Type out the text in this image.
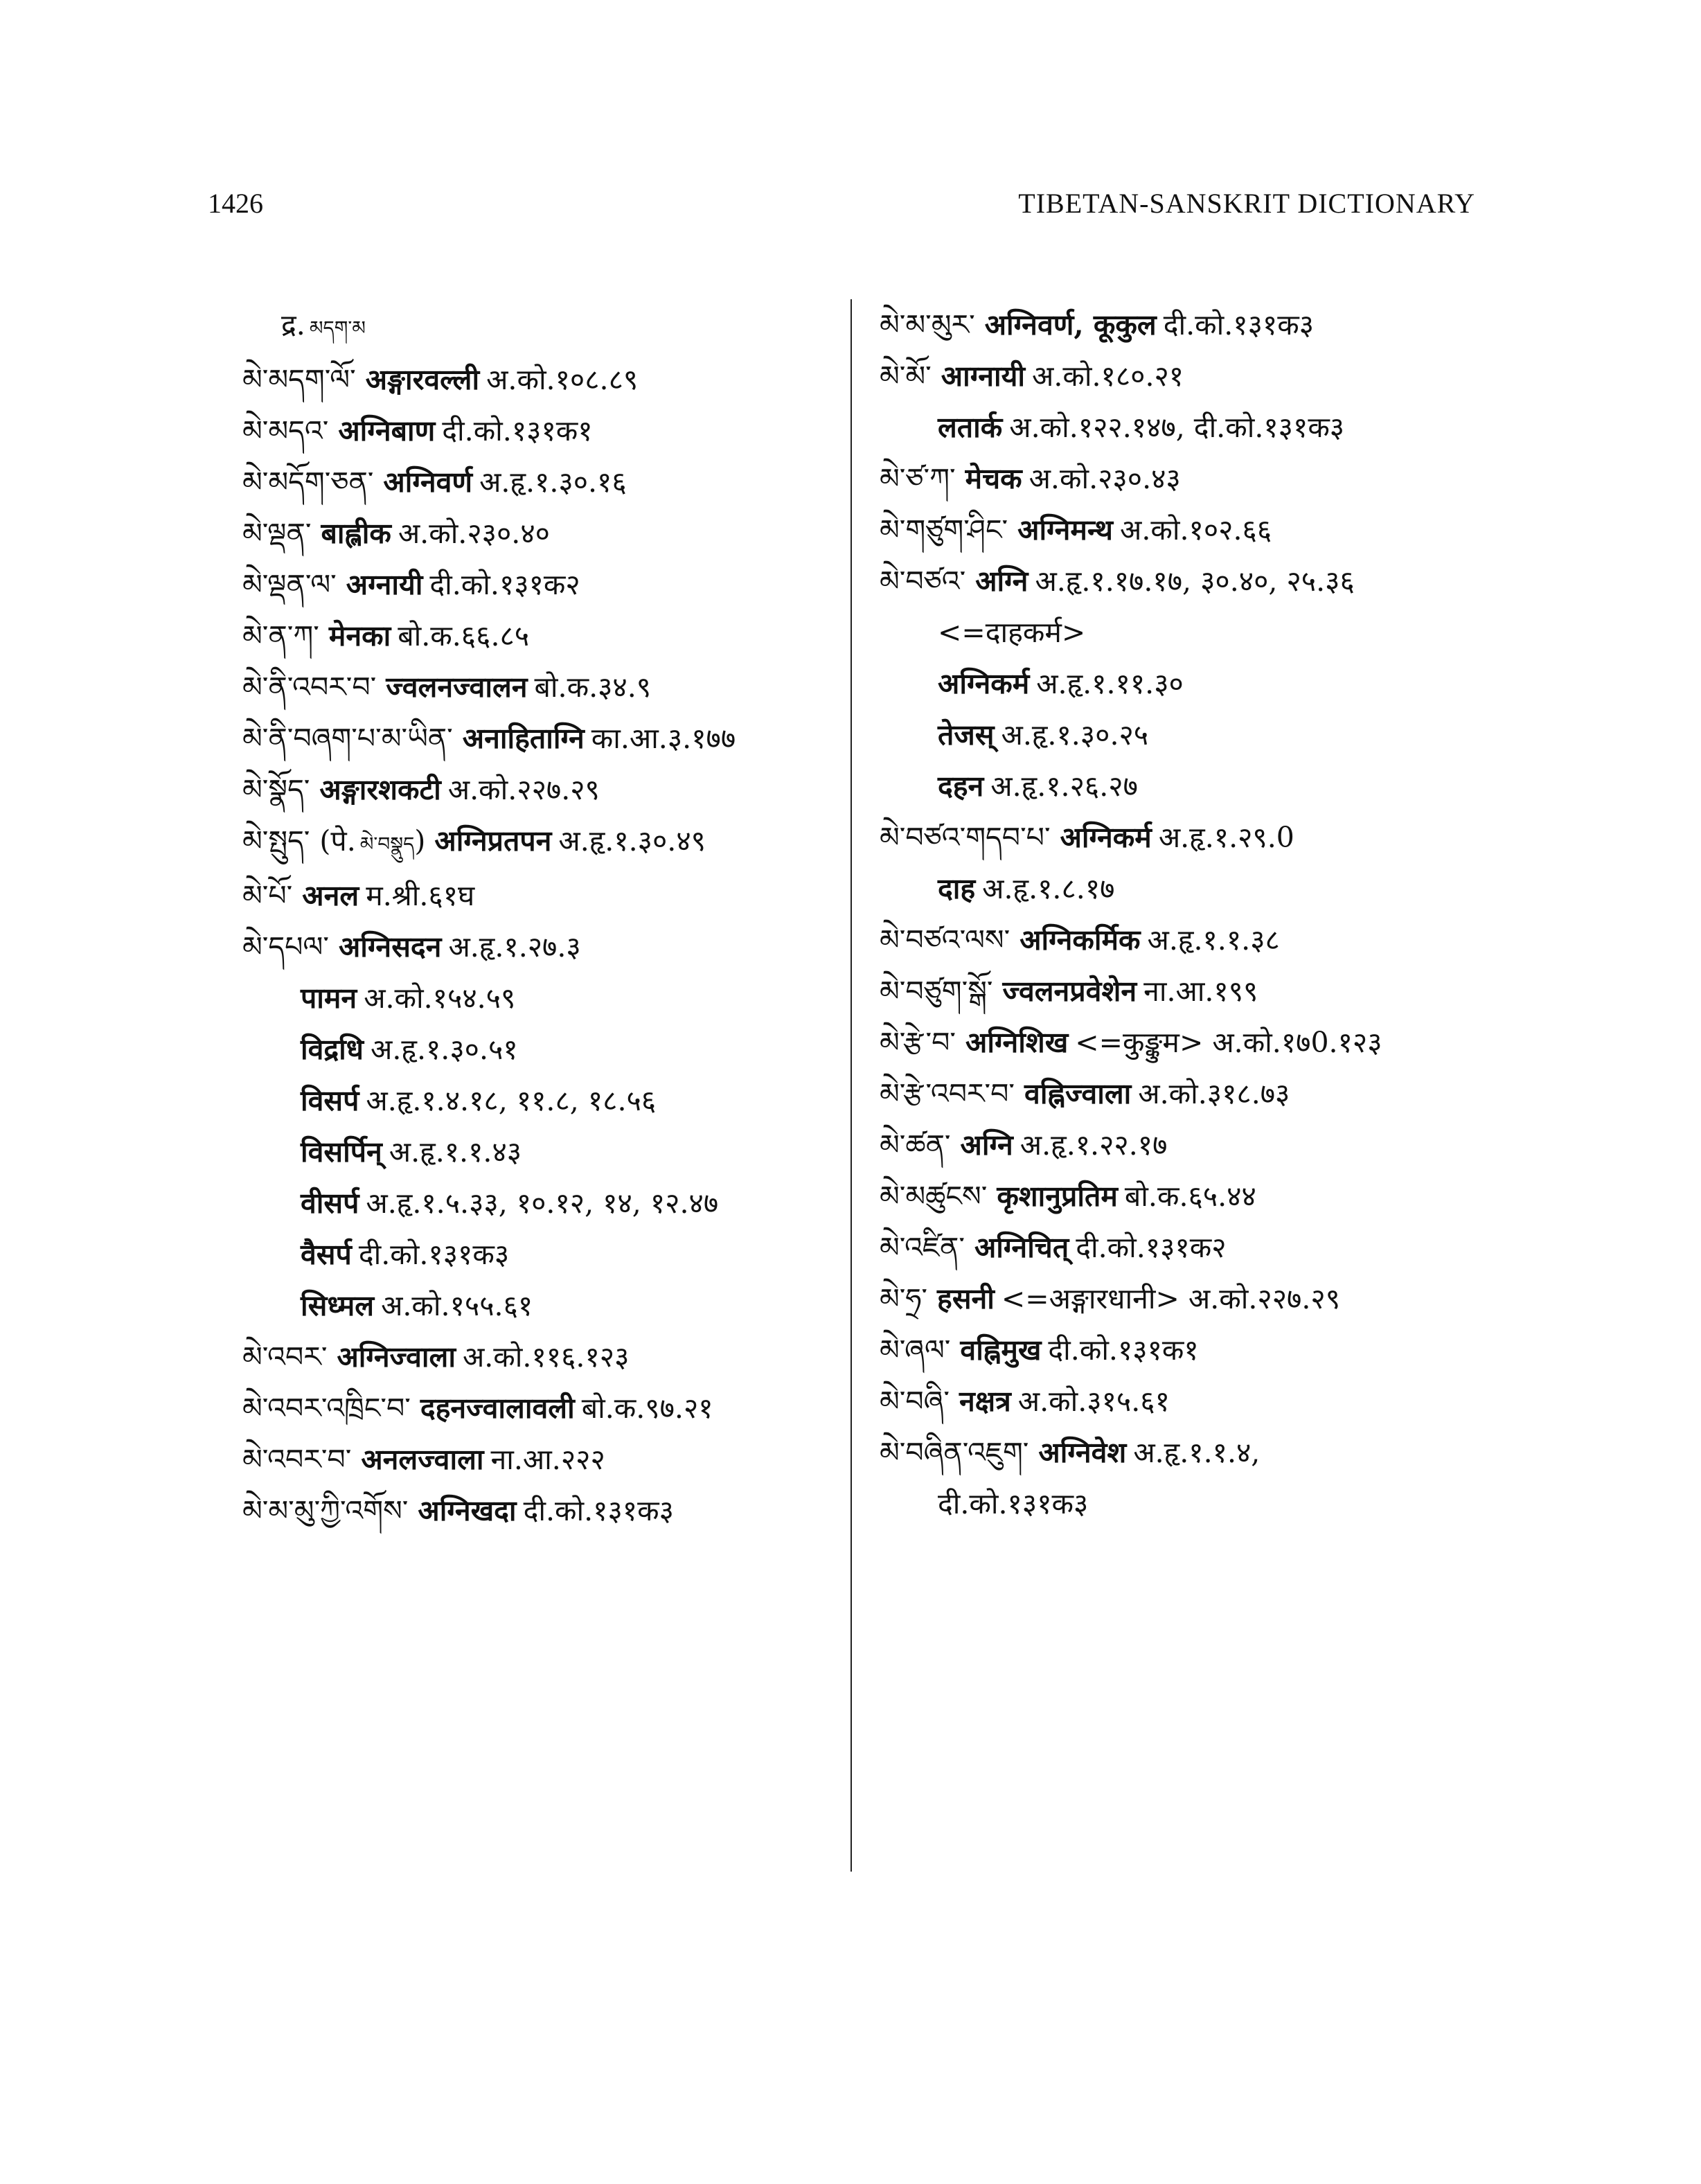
1426	TIBETAN-SANSKRIT DICTIONARY
द्र. མདག་མ
མེ་མདག་ལོ་ अङ्गारवल्ली अ.को.१०८.८९
མེ་མདའ་ अग्निबाण दी.को.१३१क१
མེ་མདོག་ཅན་ अग्निवर्ण अ.हृ.१.३०.१६
མེ་ལྡན་ बाह्लीक अ.को.२३०.४०
མེ་ལྡན་ལ་ अग्नायी दी.को.१३१क२
མེ་ན་ཀ་ मेनका बो.क.६६.८५
མེ་ནི་འབར་བ་ ज्वलनज्वालन बो.क.३४.९
མེ་ནི་བཞག་པ་མ་ཡིན་ अनाहिताग्नि का.आ.३.१७७
མེ་སྣོད་ अङ्गारशकटी अ.को.२२७.२९
མེ་སྤུད་ (पे. མེ་བསྣུད) अग्निप्रतपन अ.हृ.१.३०.४९
མེ་པོ་ अनल म.श्री.६१घ
མེ་དཔལ་ अग्निसदन अ.हृ.१.२७.३
पामन अ.को.१५४.५९
विद्रधि अ.हृ.१.३०.५१
विसर्प अ.हृ.१.४.१८, ११.८, १८.५६
विसर्पिन् अ.हृ.१.१.४३
वीसर्प अ.हृ.१.५.३३, १०.१२, १४, १२.४७
वैसर्प दी.को.१३१क३
सिध्मल अ.को.१५५.६१
མེ་འབར་ अग्निज्वाला अ.को.११६.१२३
མེ་འབར་འཁྲིང་བ་ दहनज्वालावली बो.क.९७.२१
མེ་འབར་བ་ अनलज्वाला ना.आ.२२२
མེ་མ་མུ་ཀྱི་འགོས་ अग्निखदा दी.को.१३१क३
མེ་མ་མུར་ अग्निवर्ण, कूकुल दी.को.१३१क३
མེ་མོ་ आग्नायी अ.को.१८०.२१
लतार्क अ.को.१२२.१४७, दी.को.१३१क३
མེ་ཙ་ཀ་ मेचक अ.को.२३०.४३
མེ་གཙུག་ཤིང་ अग्निमन्थ अ.को.१०२.६६
མེ་བཙའ་ अग्नि अ.हृ.१.१७.१७, ३०.४०, २५.३६
<=दाहकर्म>
अग्निकर्म अ.हृ.१.११.३०
तेजस् अ.हृ.१.३०.२५
दहन अ.हृ.१.२६.२७
མེ་བཙའ་གདབ་པ་ अग्निकर्म अ.हृ.१.२९.0
दाह अ.हृ.१.८.१७
མེ་བཙའ་ལས་ अग्निकर्मिक अ.हृ.१.१.३८
མེ་བཙུག་སྒོ་ ज्वलनप्रवेशेन ना.आ.१९९
མེ་རྩེ་བ་ अग्निशिख <=कुङ्कुम> अ.को.१७0.१२३
མེ་རྩེ་འབར་བ་ वह्निज्वाला अ.को.३१८.७३
མེ་ཚན་ अग्नि अ.हृ.१.२२.१७
མེ་མཚུངས་ कृशानुप्रतिम बो.क.६५.४४
མེ་འཛིན་ अग्निचित् दी.को.१३१क२
མེ་ཧྲ་ हसनी <=अङ्गारधानी> अ.को.२२७.२९
མེ་ཞལ་ वह्निमुख दी.को.१३१क१
མེ་བཞི་ नक्षत्र अ.को.३१५.६१
མེ་བཞིན་འཇུག་ अग्निवेश अ.हृ.१.१.४,
दी.को.१३१क३
